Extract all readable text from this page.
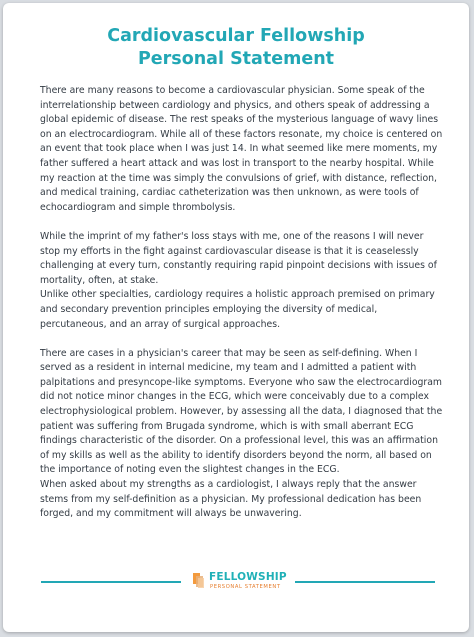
Cardiovascular Fellowship
Personal Statement

There are many reasons to become a cardiovascular physician. Some speak of the interrelationship between cardiology and physics, and others speak of addressing a global epidemic of disease. The rest speaks of the mysterious language of wavy lines on an electrocardiogram. While all of these factors resonate, my choice is centered on an event that took place when I was just 14. In what seemed like mere moments, my father suffered a heart attack and was lost in transport to the nearby hospital. While my reaction at the time was simply the convulsions of grief, with distance, reflection, and medical training, cardiac catheterization was then unknown, as were tools of echocardiogram and simple thrombolysis.

While the imprint of my father's loss stays with me, one of the reasons I will never stop my efforts in the fight against cardiovascular disease is that it is ceaselessly challenging at every turn, constantly requiring rapid pinpoint decisions with issues of mortality, often, at stake.

Unlike other specialties, cardiology requires a holistic approach premised on primary and secondary prevention principles employing the diversity of medical, percutaneous, and an array of surgical approaches.

There are cases in a physician's career that may be seen as self-defining. When I served as a resident in internal medicine, my team and I admitted a patient with palpitations and presyncope-like symptoms. Everyone who saw the electrocardiogram did not notice minor changes in the ECG, which were conceivably due to a complex electrophysiological problem. However, by assessing all the data, I diagnosed that the patient was suffering from Brugada syndrome, which is with small aberrant ECG findings characteristic of the disorder. On a professional level, this was an affirmation of my skills as well as the ability to identify disorders beyond the norm, all based on the importance of noting even the slightest changes in the ECG.

When asked about my strengths as a cardiologist, I always reply that the answer stems from my self-definition as a physician. My professional dedication has been forged, and my commitment will always be unwavering.

FELLOWSHIP
PERSONAL STATEMENT
